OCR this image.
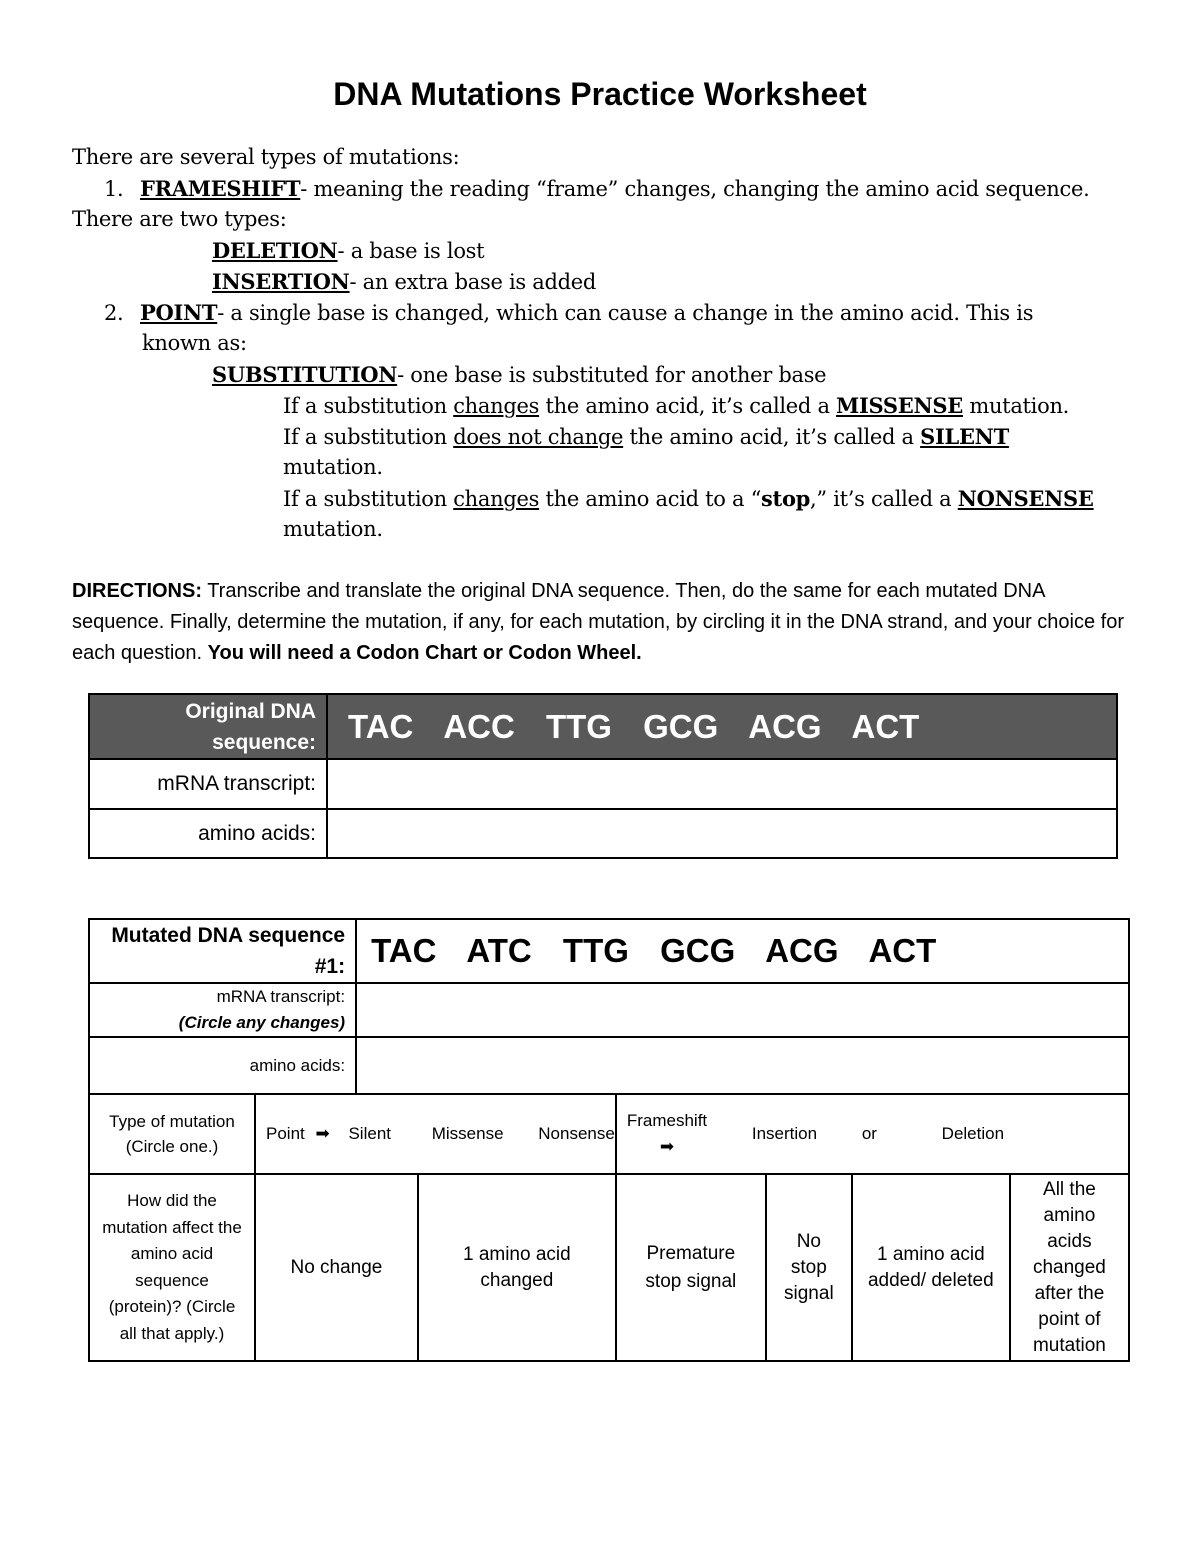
DNA Mutations Practice Worksheet
There are several types of mutations:
1. FRAMESHIFT- meaning the reading “frame” changes, changing the amino acid sequence.
There are two types:
DELETION- a base is lost
INSERTION- an extra base is added
2. POINT- a single base is changed, which can cause a change in the amino acid. This is
known as:
SUBSTITUTION- one base is substituted for another base
If a substitution changes the amino acid, it’s called a MISSENSE mutation.
If a substitution does not change the amino acid, it’s called a SILENT
mutation.
If a substitution changes the amino acid to a “stop,” it’s called a NONSENSE
mutation.
DIRECTIONS: Transcribe and translate the original DNA sequence. Then, do the same for each mutated DNA sequence. Finally, determine the mutation, if any, for each mutation, by circling it in the DNA strand, and your choice for each question. You will need a Codon Chart or Codon Wheel.
Original DNA sequence:	TAC ACC TTG GCG ACG ACT
mRNA transcript:	
amino acids:	
Mutated DNA sequence #1:		TAC ATC TTG GCG ACG ACT					

mRNA transcript:
(Circle any changes)							

amino acids:							
Type of mutation (Circle one.)	Point ➡ Silent Missense Nonsense			Frameshift
➡
Insertion or Deletion			
How did the mutation affect the amino acid sequence (protein)? (Circle all that apply.)	No change		1 amino acid changed	Premature stop signal	No stop signal	1 amino acid added/ deleted	All the amino acids changed after the point of mutation
